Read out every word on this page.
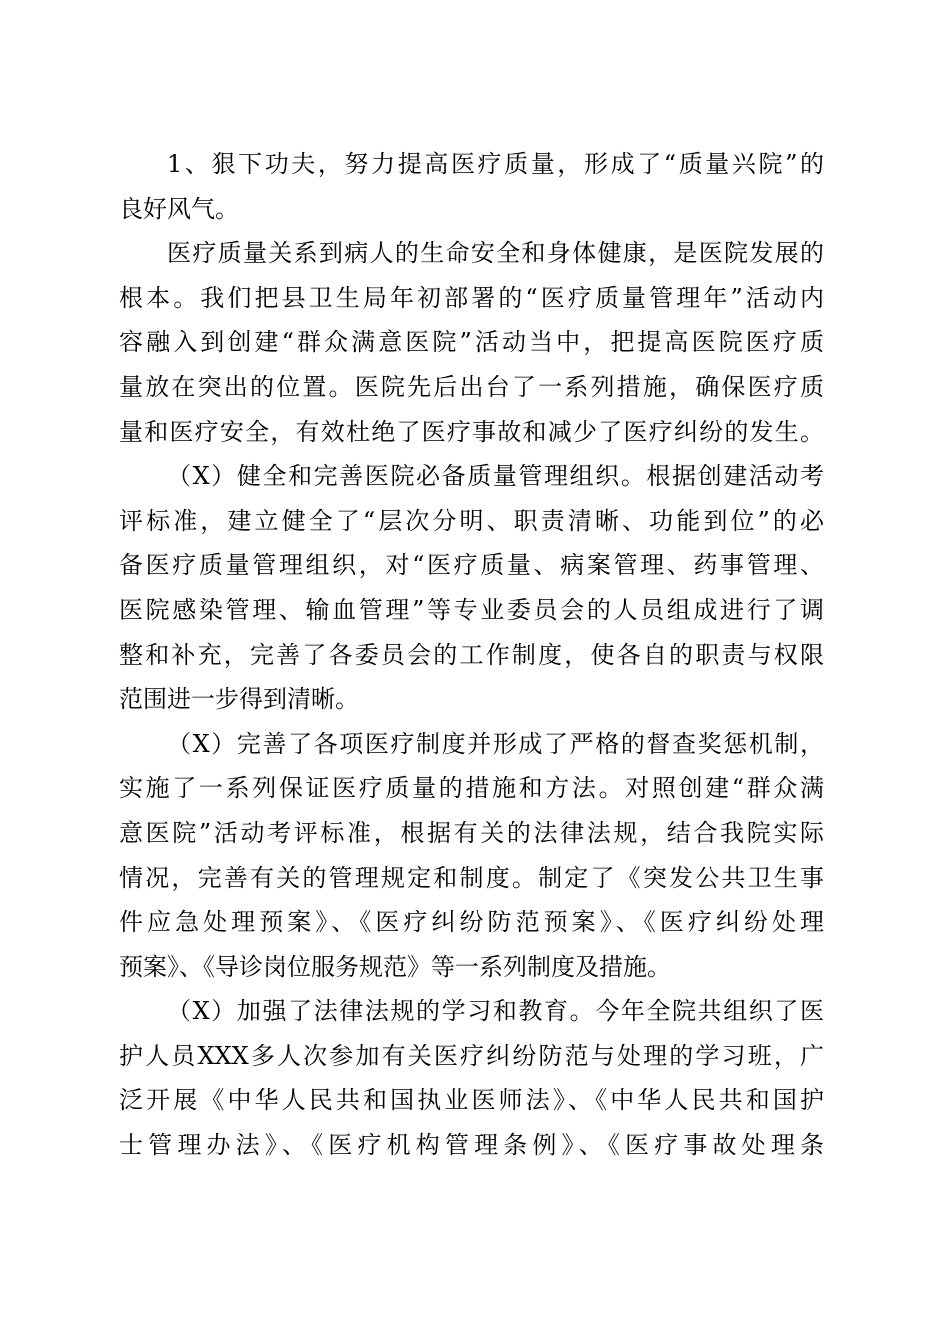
1、狠下功夫，努力提高医疗质量，形成了“质量兴院”的
良好风气。
医疗质量关系到病人的生命安全和身体健康，是医院发展的
根本。我们把县卫生局年初部署的“医疗质量管理年”活动内
容融入到创建“群众满意医院”活动当中，把提高医院医疗质
量放在突出的位置。医院先后出台了一系列措施，确保医疗质
量和医疗安全，有效杜绝了医疗事故和减少了医疗纠纷的发生。
（X）健全和完善医院必备质量管理组织。根据创建活动考
评标准，建立健全了“层次分明、职责清晰、功能到位”的必
备医疗质量管理组织，对“医疗质量、病案管理、药事管理、
医院感染管理、输血管理”等专业委员会的人员组成进行了调
整和补充，完善了各委员会的工作制度，使各自的职责与权限
范围进一步得到清晰。
（X）完善了各项医疗制度并形成了严格的督查奖惩机制，
实施了一系列保证医疗质量的措施和方法。对照创建“群众满
意医院”活动考评标准，根据有关的法律法规，结合我院实际
情况，完善有关的管理规定和制度。制定了《突发公共卫生事
件应急处理预案》、《医疗纠纷防范预案》、《医疗纠纷处理
预案》、《导诊岗位服务规范》等一系列制度及措施。
（X）加强了法律法规的学习和教育。今年全院共组织了医
护人员XXX多人次参加有关医疗纠纷防范与处理的学习班，广
泛开展《中华人民共和国执业医师法》、《中华人民共和国护
士管理办法》、《医疗机构管理条例》、《医疗事故处理条
